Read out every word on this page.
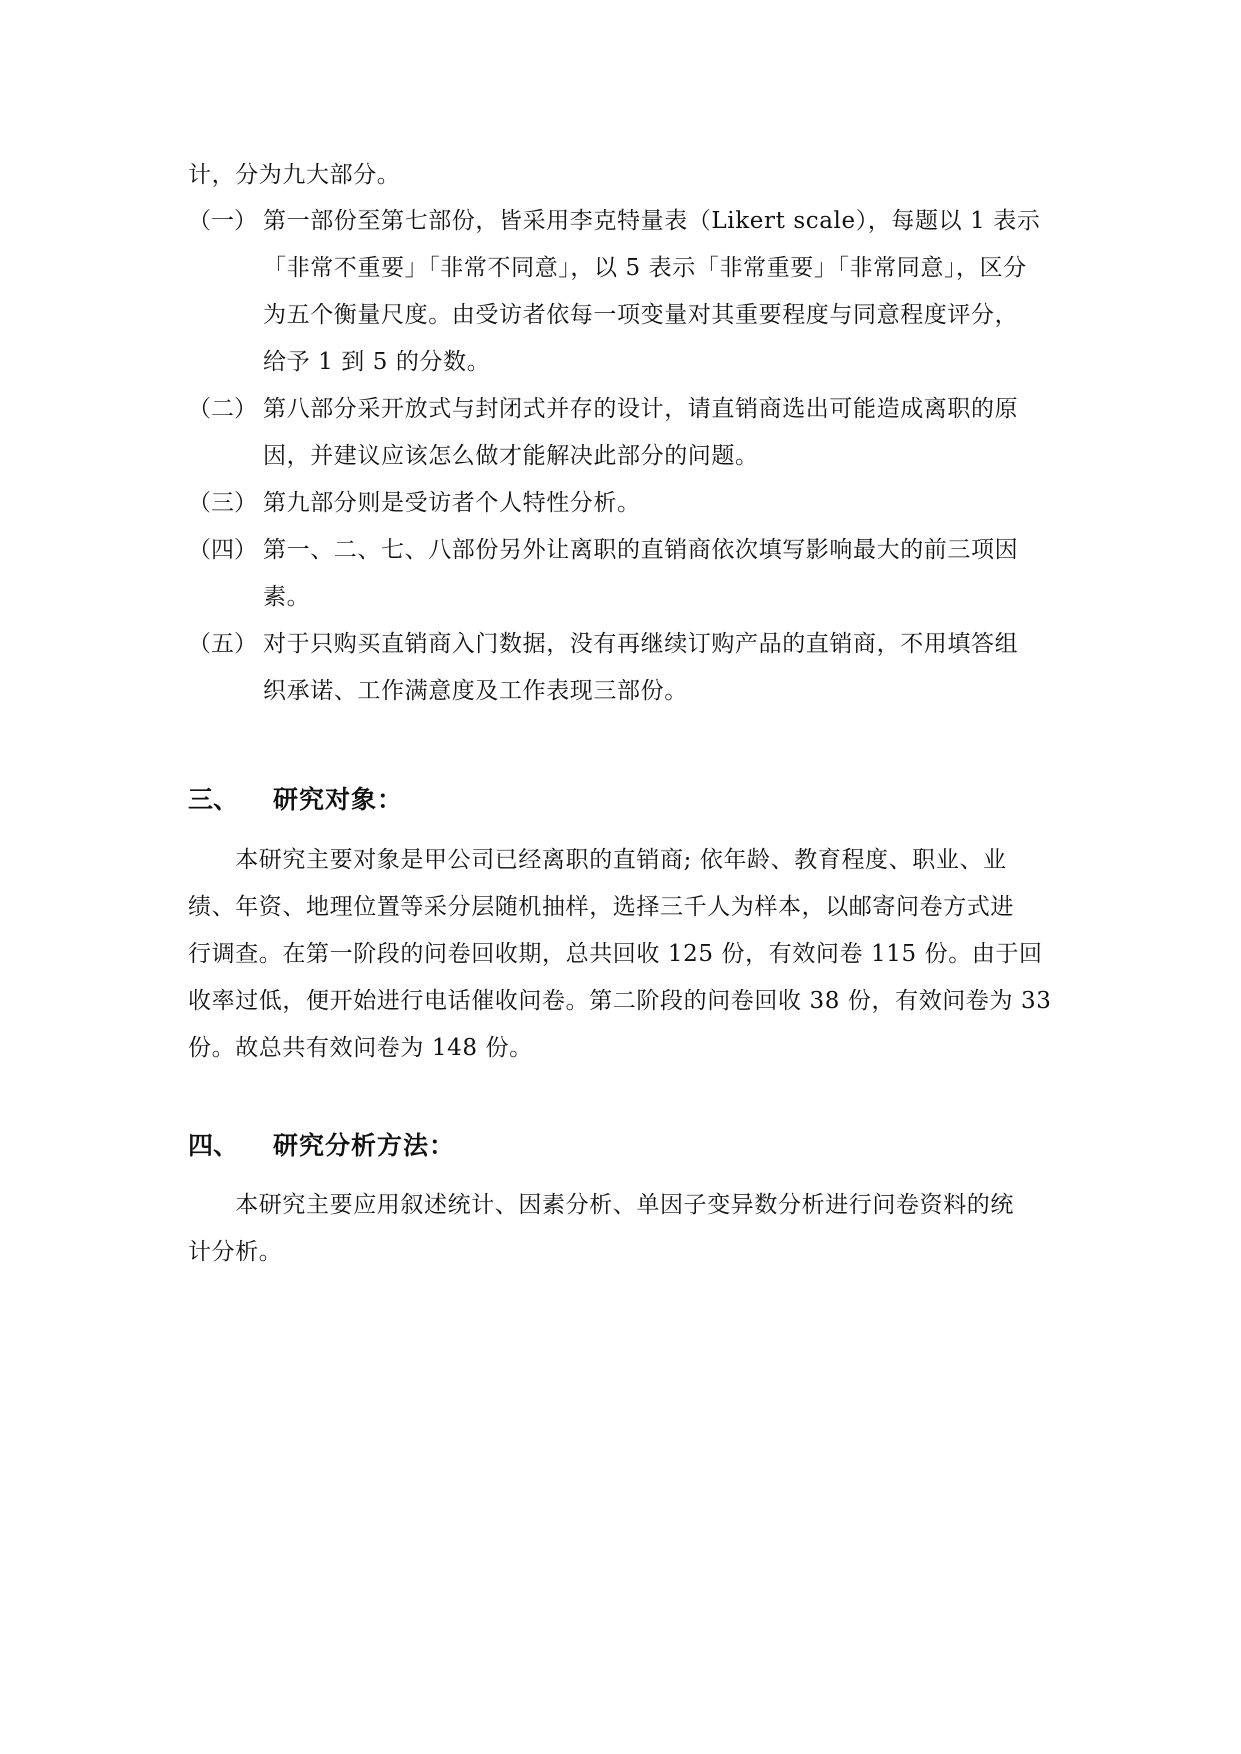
计，分为九大部分。
（一） 第一部份至第七部份，皆采用李克特量表（Likert scale），每题以 1 表示
「非常不重要」「非常不同意」，以 5 表示「非常重要」「非常同意」，区分
为五个衡量尺度。由受访者依每一项变量对其重要程度与同意程度评分，
给予 1 到 5 的分数。
（二） 第八部分采开放式与封闭式并存的设计，请直销商选出可能造成离职的原
因，并建议应该怎么做才能解决此部分的问题。
（三） 第九部分则是受访者个人特性分析。
（四） 第一、二、七、八部份另外让离职的直销商依次填写影响最大的前三项因
素。
（五） 对于只购买直销商入门数据，没有再继续订购产品的直销商，不用填答组
织承诺、工作满意度及工作表现三部份。
三、 研究对象：
　　本研究主要对象是甲公司已经离职的直销商; 依年龄、教育程度、职业、业
绩、年资、地理位置等采分层随机抽样，选择三千人为样本，以邮寄问卷方式进
行调查。在第一阶段的问卷回收期，总共回收 125 份，有效问卷 115 份。由于回
收率过低，便开始进行电话催收问卷。第二阶段的问卷回收 38 份，有效问卷为 33
份。故总共有效问卷为 148 份。
四、 研究分析方法：
　　本研究主要应用叙述统计、因素分析、单因子变异数分析进行问卷资料的统
计分析。
